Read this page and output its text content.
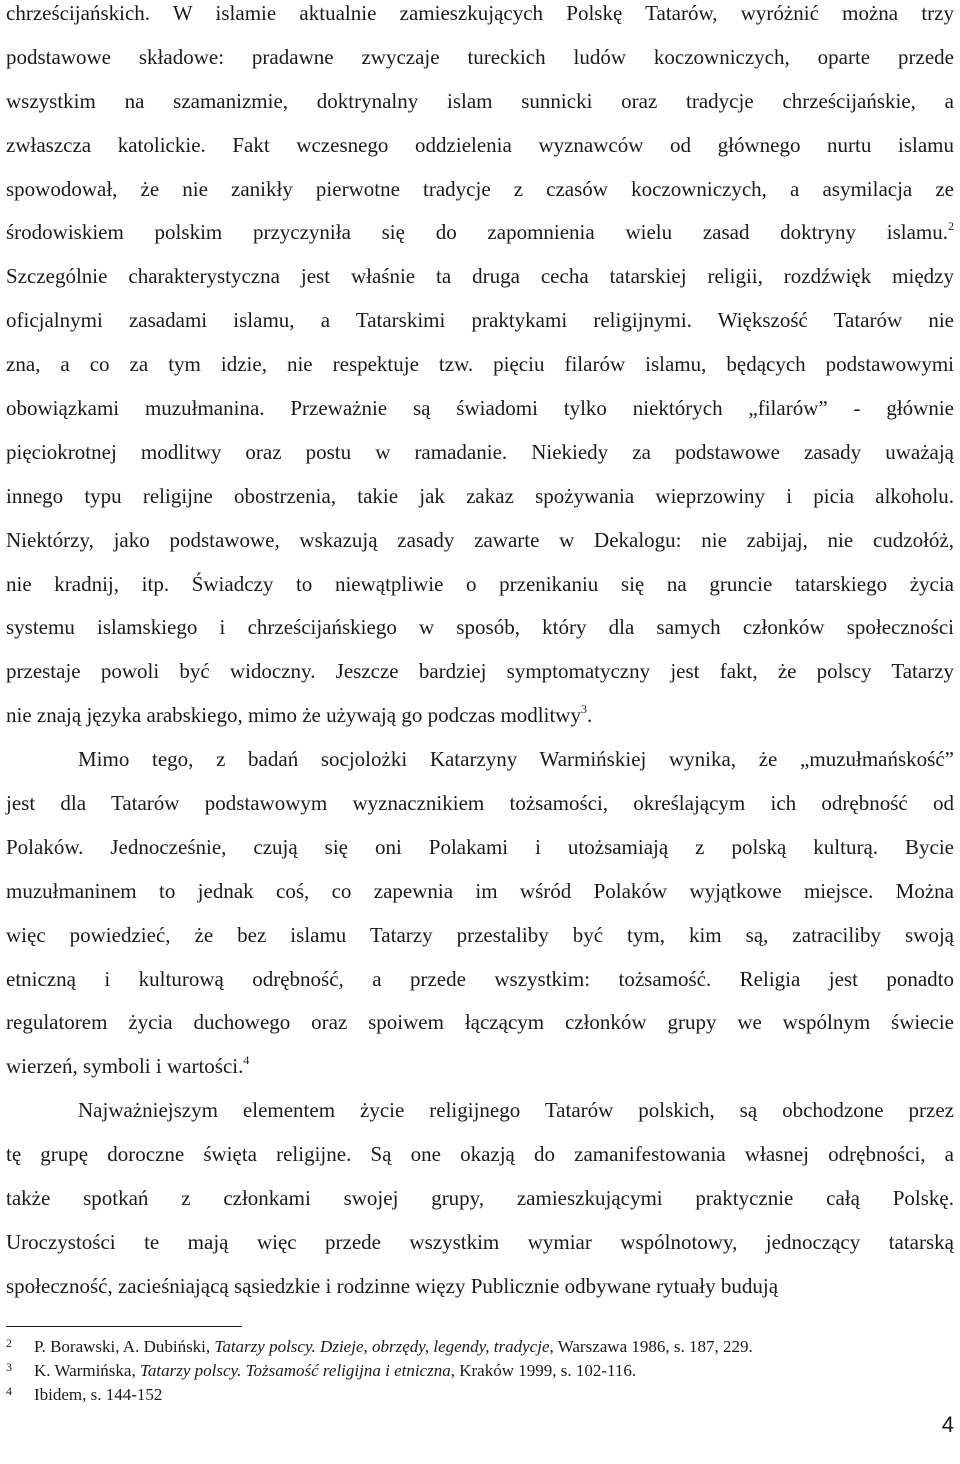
chrześcijańskich. W islamie aktualnie zamieszkujących Polskę Tatarów, wyróżnić można trzy
podstawowe składowe: pradawne zwyczaje tureckich ludów koczowniczych, oparte przede
wszystkim na szamanizmie, doktrynalny islam sunnicki oraz tradycje chrześcijańskie, a
zwłaszcza katolickie. Fakt wczesnego oddzielenia wyznawców od głównego nurtu islamu
spowodował, że nie zanikły pierwotne tradycje z czasów koczowniczych, a asymilacja ze
środowiskiem polskim przyczyniła się do zapomnienia wielu zasad doktryny islamu.$^2$
Szczególnie charakterystyczna jest właśnie ta druga cecha tatarskiej religii, rozdźwięk między
oficjalnymi zasadami islamu, a Tatarskimi praktykami religijnymi. Większość Tatarów nie
zna, a co za tym idzie, nie respektuje tzw. pięciu filarów islamu, będących podstawowymi
obowiązkami muzułmanina. Przeważnie są świadomi tylko niektórych „filarów” - głównie
pięciokrotnej modlitwy oraz postu w ramadanie. Niekiedy za podstawowe zasady uważają
innego typu religijne obostrzenia, takie jak zakaz spożywania wieprzowiny i picia alkoholu.
Niektórzy, jako podstawowe, wskazują zasady zawarte w Dekalogu: nie zabijaj, nie cudzołóż,
nie kradnij, itp. Świadczy to niewątpliwie o przenikaniu się na gruncie tatarskiego życia
systemu islamskiego i chrześcijańskiego w sposób, który dla samych członków społeczności
przestaje powoli być widoczny. Jeszcze bardziej symptomatyczny jest fakt, że polscy Tatarzy
nie znają języka arabskiego, mimo że używają go podczas modlitwy$^3$.
Mimo tego, z badań socjolożki Katarzyny Warmińskiej wynika, że „muzułmańskość”
jest dla Tatarów podstawowym wyznacznikiem tożsamości, określającym ich odrębność od
Polaków. Jednocześnie, czują się oni Polakami i utożsamiają z polską kulturą. Bycie
muzułmaninem to jednak coś, co zapewnia im wśród Polaków wyjątkowe miejsce. Można
więc powiedzieć, że bez islamu Tatarzy przestaliby być tym, kim są, zatraciliby swoją
etniczną i kulturową odrębność, a przede wszystkim: tożsamość. Religia jest ponadto
regulatorem życia duchowego oraz spoiwem łączącym członków grupy we wspólnym świecie
wierzeń, symboli i wartości.$^4$
Najważniejszym elementem życie religijnego Tatarów polskich, są obchodzone przez
tę grupę doroczne święta religijne. Są one okazją do zamanifestowania własnej odrębności, a
także spotkań z członkami swojej grupy, zamieszkującymi praktycznie całą Polskę.
Uroczystości te mają więc przede wszystkim wymiar wspólnotowy, jednoczący tatarską
społeczność, zacieśniającą sąsiedzkie i rodzinne więzy Publicznie odbywane rytuały budują
2 P. Borawski, A. Dubiński, Tatarzy polscy. Dzieje, obrzędy, legendy, tradycje, Warszawa 1986, s. 187, 229.
3 K. Warmińska, Tatarzy polscy. Tożsamość religijna i etniczna, Kraków 1999, s. 102-116.
4 Ibidem, s. 144-152
4
